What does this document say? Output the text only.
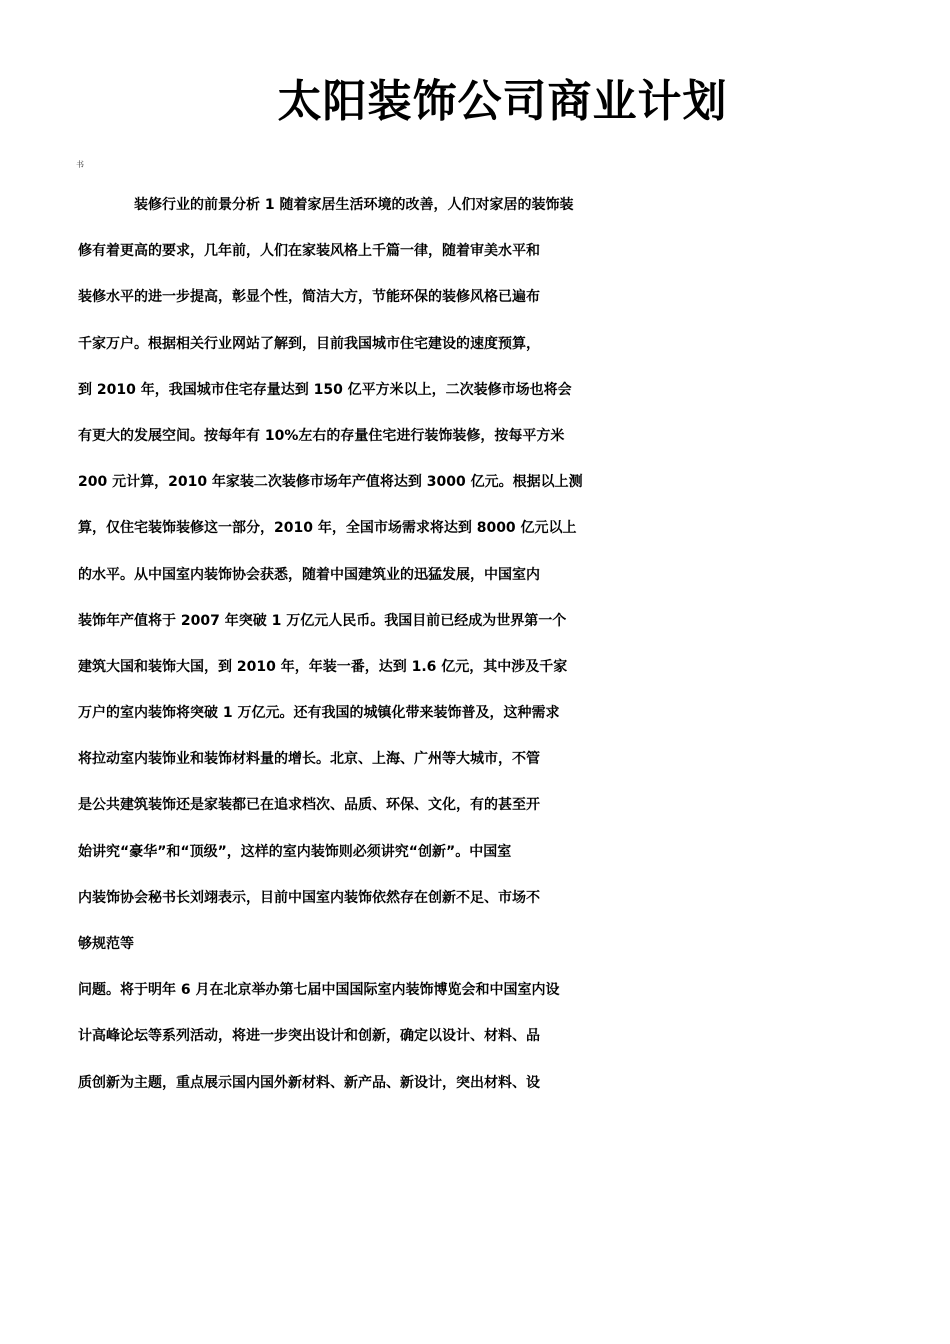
太阳装饰公司商业计划
书
装修行业的前景分析 1 随着家居生活环境的改善，人们对家居的装饰装
修有着更高的要求，几年前，人们在家装风格上千篇一律，随着审美水平和
装修水平的进一步提高，彰显个性，简洁大方，节能环保的装修风格已遍布
千家万户。根据相关行业网站了解到，目前我国城市住宅建设的速度预算，
到 2010 年，我国城市住宅存量达到 150 亿平方米以上，二次装修市场也将会
有更大的发展空间。按每年有 10%左右的存量住宅进行装饰装修，按每平方米
200 元计算，2010 年家装二次装修市场年产值将达到 3000 亿元。根据以上测
算，仅住宅装饰装修这一部分，2010 年，全国市场需求将达到 8000 亿元以上
的水平。从中国室内装饰协会获悉，随着中国建筑业的迅猛发展，中国室内
装饰年产值将于 2007 年突破 1 万亿元人民币。我国目前已经成为世界第一个
建筑大国和装饰大国，到 2010 年，年装一番，达到 1.6 亿元，其中涉及千家
万户的室内装饰将突破 1 万亿元。还有我国的城镇化带来装饰普及，这种需求
将拉动室内装饰业和装饰材料量的增长。北京、上海、广州等大城市，不管
是公共建筑装饰还是家装都已在追求档次、品质、环保、文化，有的甚至开
始讲究“豪华”和“顶级”，这样的室内装饰则必须讲究“创新”。中国室
内装饰协会秘书长刘翊表示，目前中国室内装饰依然存在创新不足、市场不
够规范等
问题。将于明年 6 月在北京举办第七届中国国际室内装饰博览会和中国室内设
计高峰论坛等系列活动，将进一步突出设计和创新，确定以设计、材料、品
质创新为主题，重点展示国内国外新材料、新产品、新设计，突出材料、设
